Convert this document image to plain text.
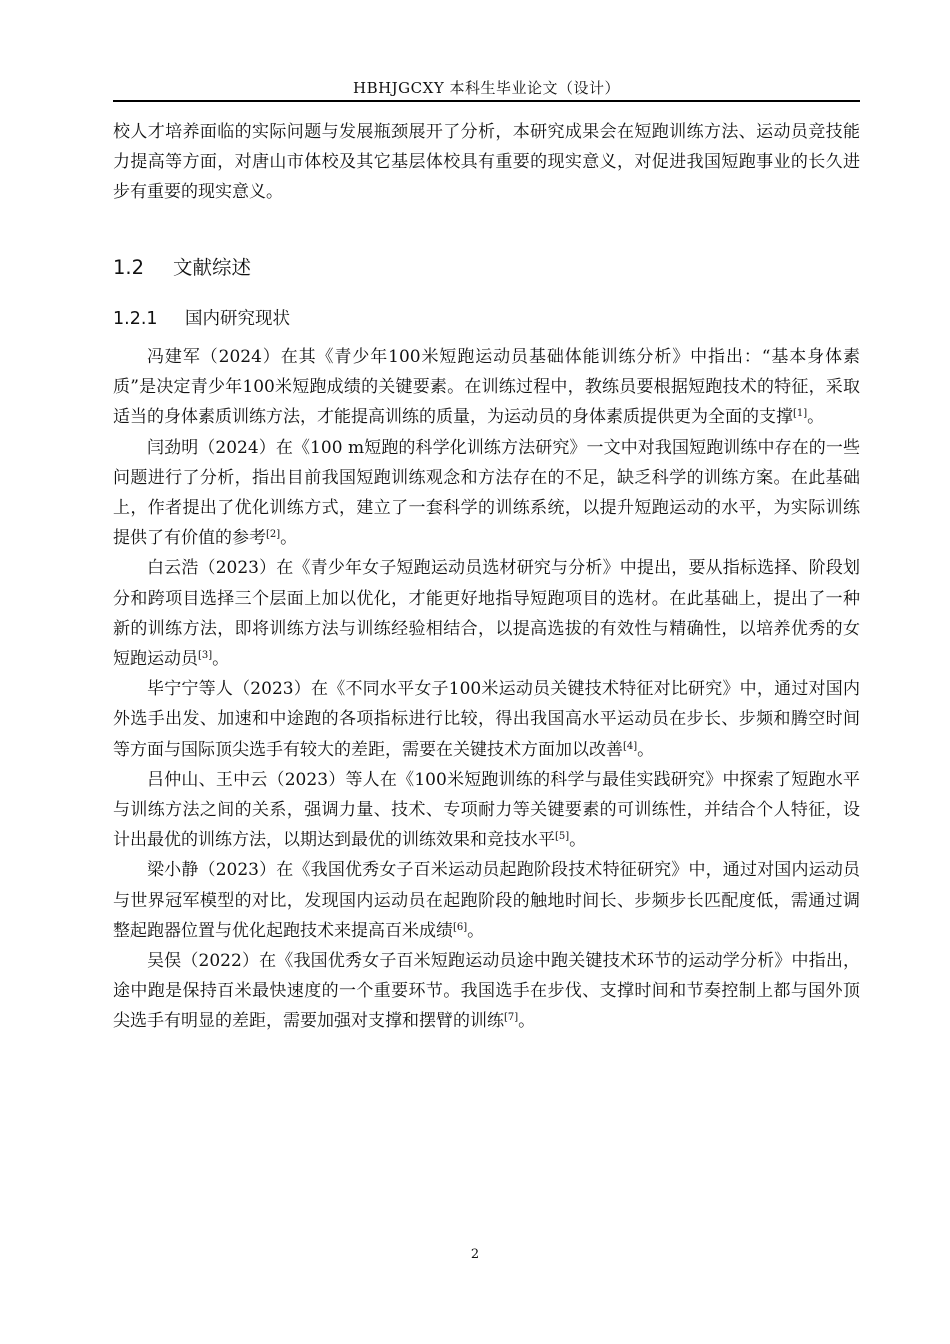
HBHJGCXY 本科生毕业论文（设计）

校人才培养面临的实际问题与发展瓶颈展开了分析，本研究成果会在短跑训练方法、运动员竞技能力提高等方面，对唐山市体校及其它基层体校具有重要的现实意义，对促进我国短跑事业的长久进步有重要的现实意义。

1.2 文献综述
1.2.1 国内研究现状

冯建军（2024）在其《青少年100米短跑运动员基础体能训练分析》中指出：“基本身体素质”是决定青少年100米短跑成绩的关键要素。在训练过程中，教练员要根据短跑技术的特征，采取适当的身体素质训练方法，才能提高训练的质量，为运动员的身体素质提供更为全面的支撑[1]。

闫劲明（2024）在《100 m短跑的科学化训练方法研究》一文中对我国短跑训练中存在的一些问题进行了分析，指出目前我国短跑训练观念和方法存在的不足，缺乏科学的训练方案。在此基础上，作者提出了优化训练方式，建立了一套科学的训练系统，以提升短跑运动的水平，为实际训练提供了有价值的参考[2]。

白云浩（2023）在《青少年女子短跑运动员选材研究与分析》中提出，要从指标选择、阶段划分和跨项目选择三个层面上加以优化，才能更好地指导短跑项目的选材。在此基础上，提出了一种新的训练方法，即将训练方法与训练经验相结合，以提高选拔的有效性与精确性，以培养优秀的女短跑运动员[3]。

毕宁宁等人（2023）在《不同水平女子100米运动员关键技术特征对比研究》中，通过对国内外选手出发、加速和中途跑的各项指标进行比较，得出我国高水平运动员在步长、步频和腾空时间等方面与国际顶尖选手有较大的差距，需要在关键技术方面加以改善[4]。

吕仲山、王中云（2023）等人在《100米短跑训练的科学与最佳实践研究》中探索了短跑水平与训练方法之间的关系，强调力量、技术、专项耐力等关键要素的可训练性，并结合个人特征，设计出最优的训练方法，以期达到最优的训练效果和竞技水平[5]。

梁小静（2023）在《我国优秀女子百米运动员起跑阶段技术特征研究》中，通过对国内运动员与世界冠军模型的对比，发现国内运动员在起跑阶段的触地时间长、步频步长匹配度低，需通过调整起跑器位置与优化起跑技术来提高百米成绩[6]。

吴俣（2022）在《我国优秀女子百米短跑运动员途中跑关键技术环节的运动学分析》中指出，途中跑是保持百米最快速度的一个重要环节。我国选手在步伐、支撑时间和节奏控制上都与国外顶尖选手有明显的差距，需要加强对支撑和摆臂的训练[7]。

2
